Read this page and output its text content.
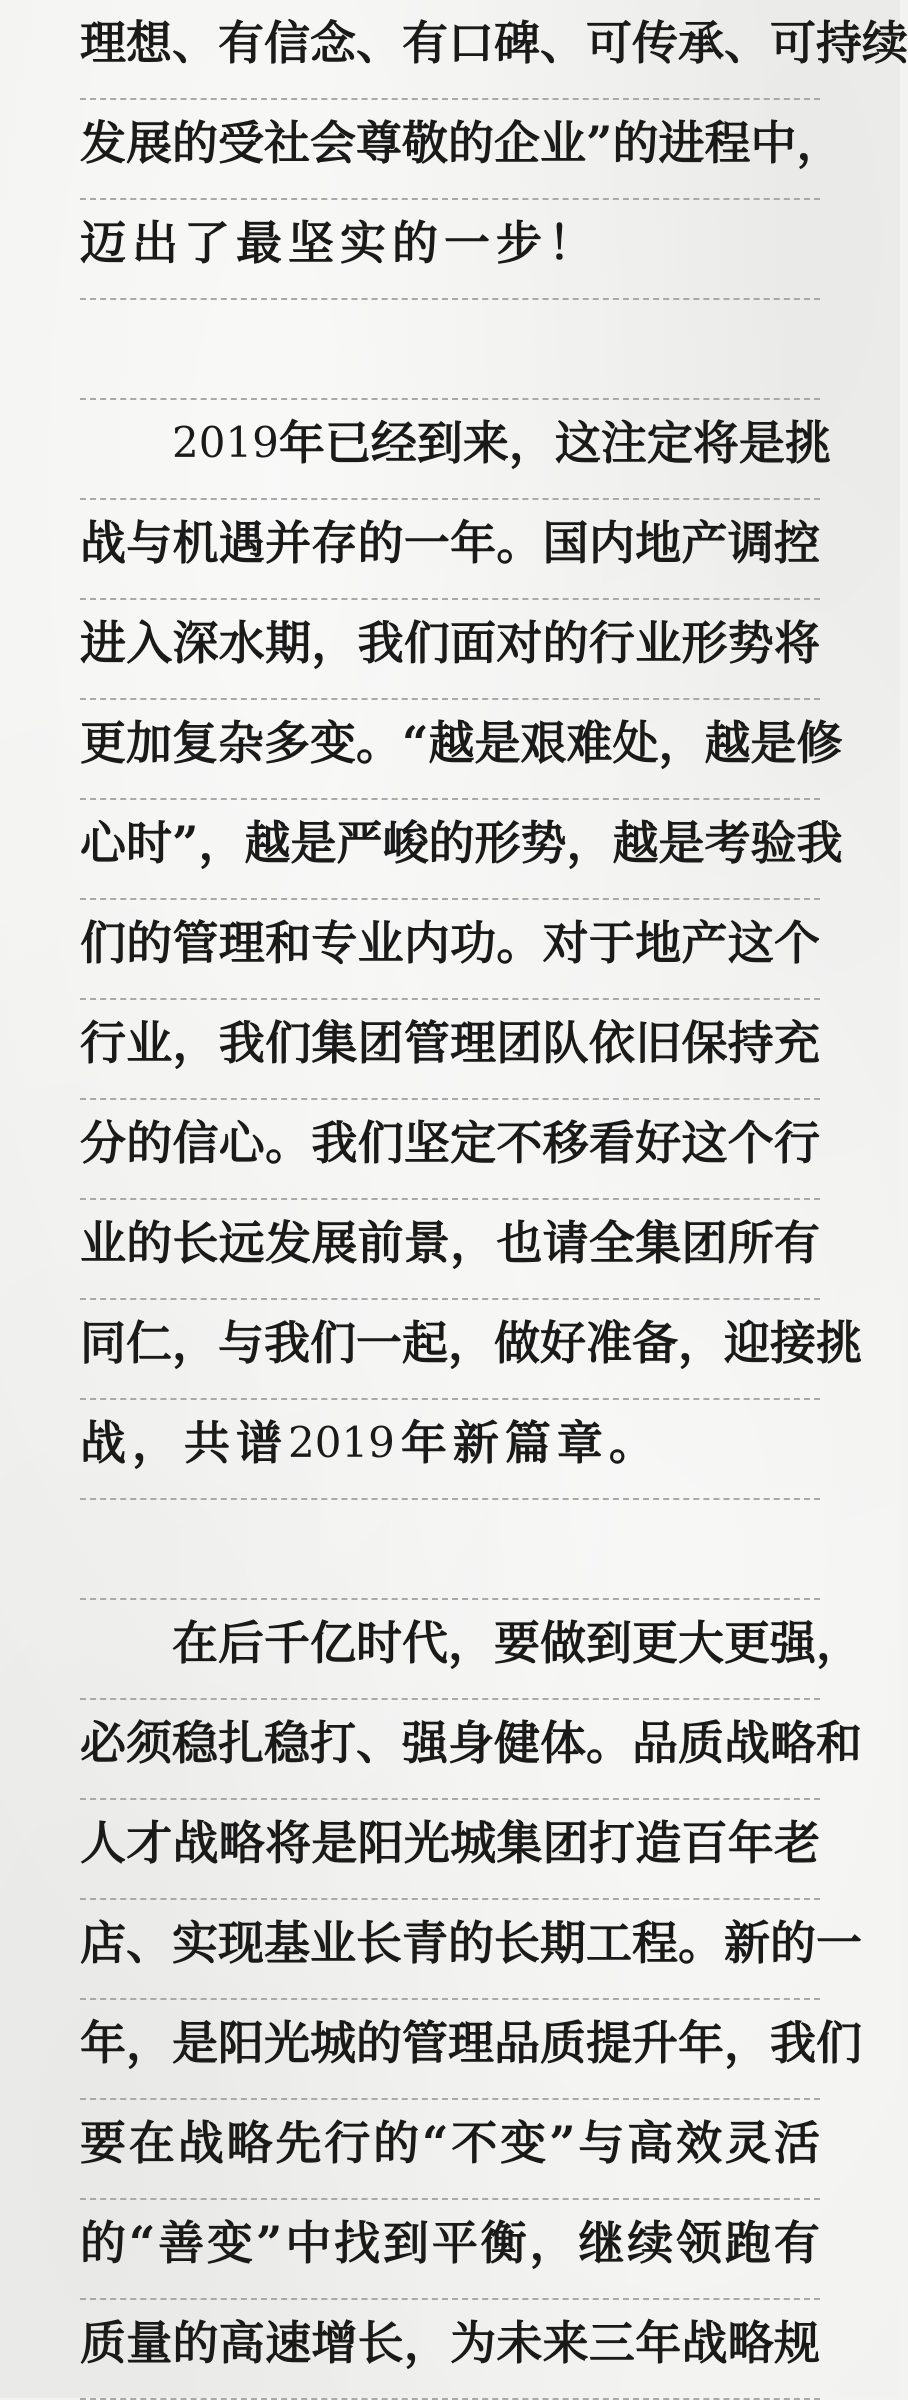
理 想 、 有 信 念 、 有 口 碑 、 可 传 承 、 可 持 续
发 展 的 受 社 会 尊 敬 的 企 业 ” 的 进 程 中 ，
迈 出 了 最 坚 实 的 一 步 ！
2019 年 已 经 到 来 ， 这 注 定 将 是 挑
战 与 机 遇 并 存 的 一 年 。 国 内 地 产 调 控
进 入 深 水 期 ， 我 们 面 对 的 行 业 形 势 将
更 加 复 杂 多 变 。 “ 越 是 艰 难 处 ， 越 是 修
心 时 ” ， 越 是 严 峻 的 形 势 ， 越 是 考 验 我
们 的 管 理 和 专 业 内 功 。 对 于 地 产 这 个
行 业 ， 我 们 集 团 管 理 团 队 依 旧 保 持 充
分 的 信 心 。 我 们 坚 定 不 移 看 好 这 个 行
业 的 长 远 发 展 前 景 ， 也 请 全 集 团 所 有
同 仁 ， 与 我 们 一 起 ， 做 好 准 备 ， 迎 接 挑
战 ， 共 谱 2019 年 新 篇 章 。
在 后 千 亿 时 代 ， 要 做 到 更 大 更 强 ，
必 须 稳 扎 稳 打 、 强 身 健 体 。 品 质 战 略 和
人 才 战 略 将 是 阳 光 城 集 团 打 造 百 年 老
店 、 实 现 基 业 长 青 的 长 期 工 程 。 新 的 一
年 ， 是 阳 光 城 的 管 理 品 质 提 升 年 ， 我 们
要 在 战 略 先 行 的 “ 不 变 ” 与 高 效 灵 活
的 “ 善 变 ” 中 找 到 平 衡 ， 继 续 领 跑 有
质 量 的 高 速 增 长 ， 为 未 来 三 年 战 略 规
